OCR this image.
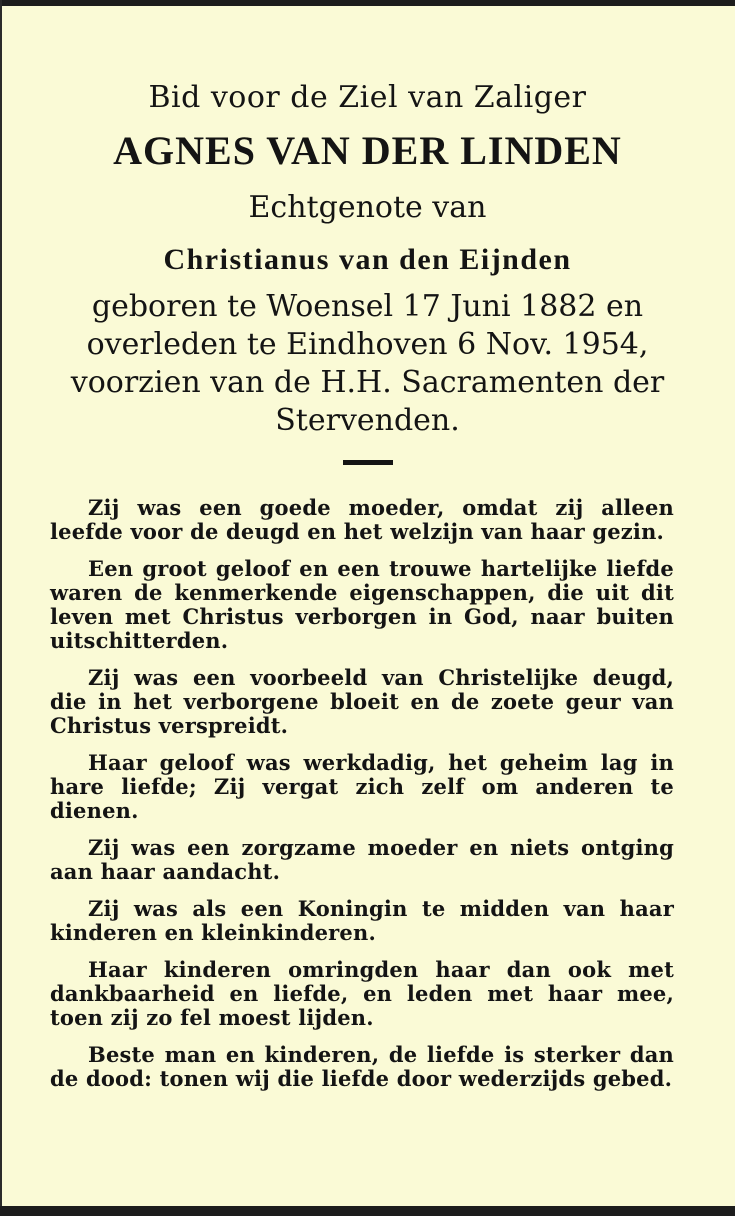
Bid voor de Ziel van Zaliger

AGNES VAN DER LINDEN

Echtgenote van

Christianus van den Eijnden

geboren te Woensel 17 Juni 1882 en overleden te Eindhoven 6 Nov. 1954, voorzien van de H.H. Sacramenten der Stervenden.

Zij was een goede moeder, omdat zij alleen leefde voor de deugd en het welzijn van haar gezin.

Een groot geloof en een trouwe hartelijke liefde waren de kenmerkende eigenschappen, die uit dit leven met Christus verborgen in God, naar buiten uitschitterden.

Zij was een voorbeeld van Christelijke deugd, die in het verborgene bloeit en de zoete geur van Christus verspreidt.

Haar geloof was werkdadig, het geheim lag in hare liefde; Zij vergat zich zelf om anderen te dienen.

Zij was een zorgzame moeder en niets ontging aan haar aandacht.

Zij was als een Koningin te midden van haar kinderen en kleinkinderen.

Haar kinderen omringden haar dan ook met dankbaarheid en liefde, en leden met haar mee, toen zij zo fel moest lijden.

Beste man en kinderen, de liefde is sterker dan de dood: tonen wij die liefde door wederzijds gebed.
